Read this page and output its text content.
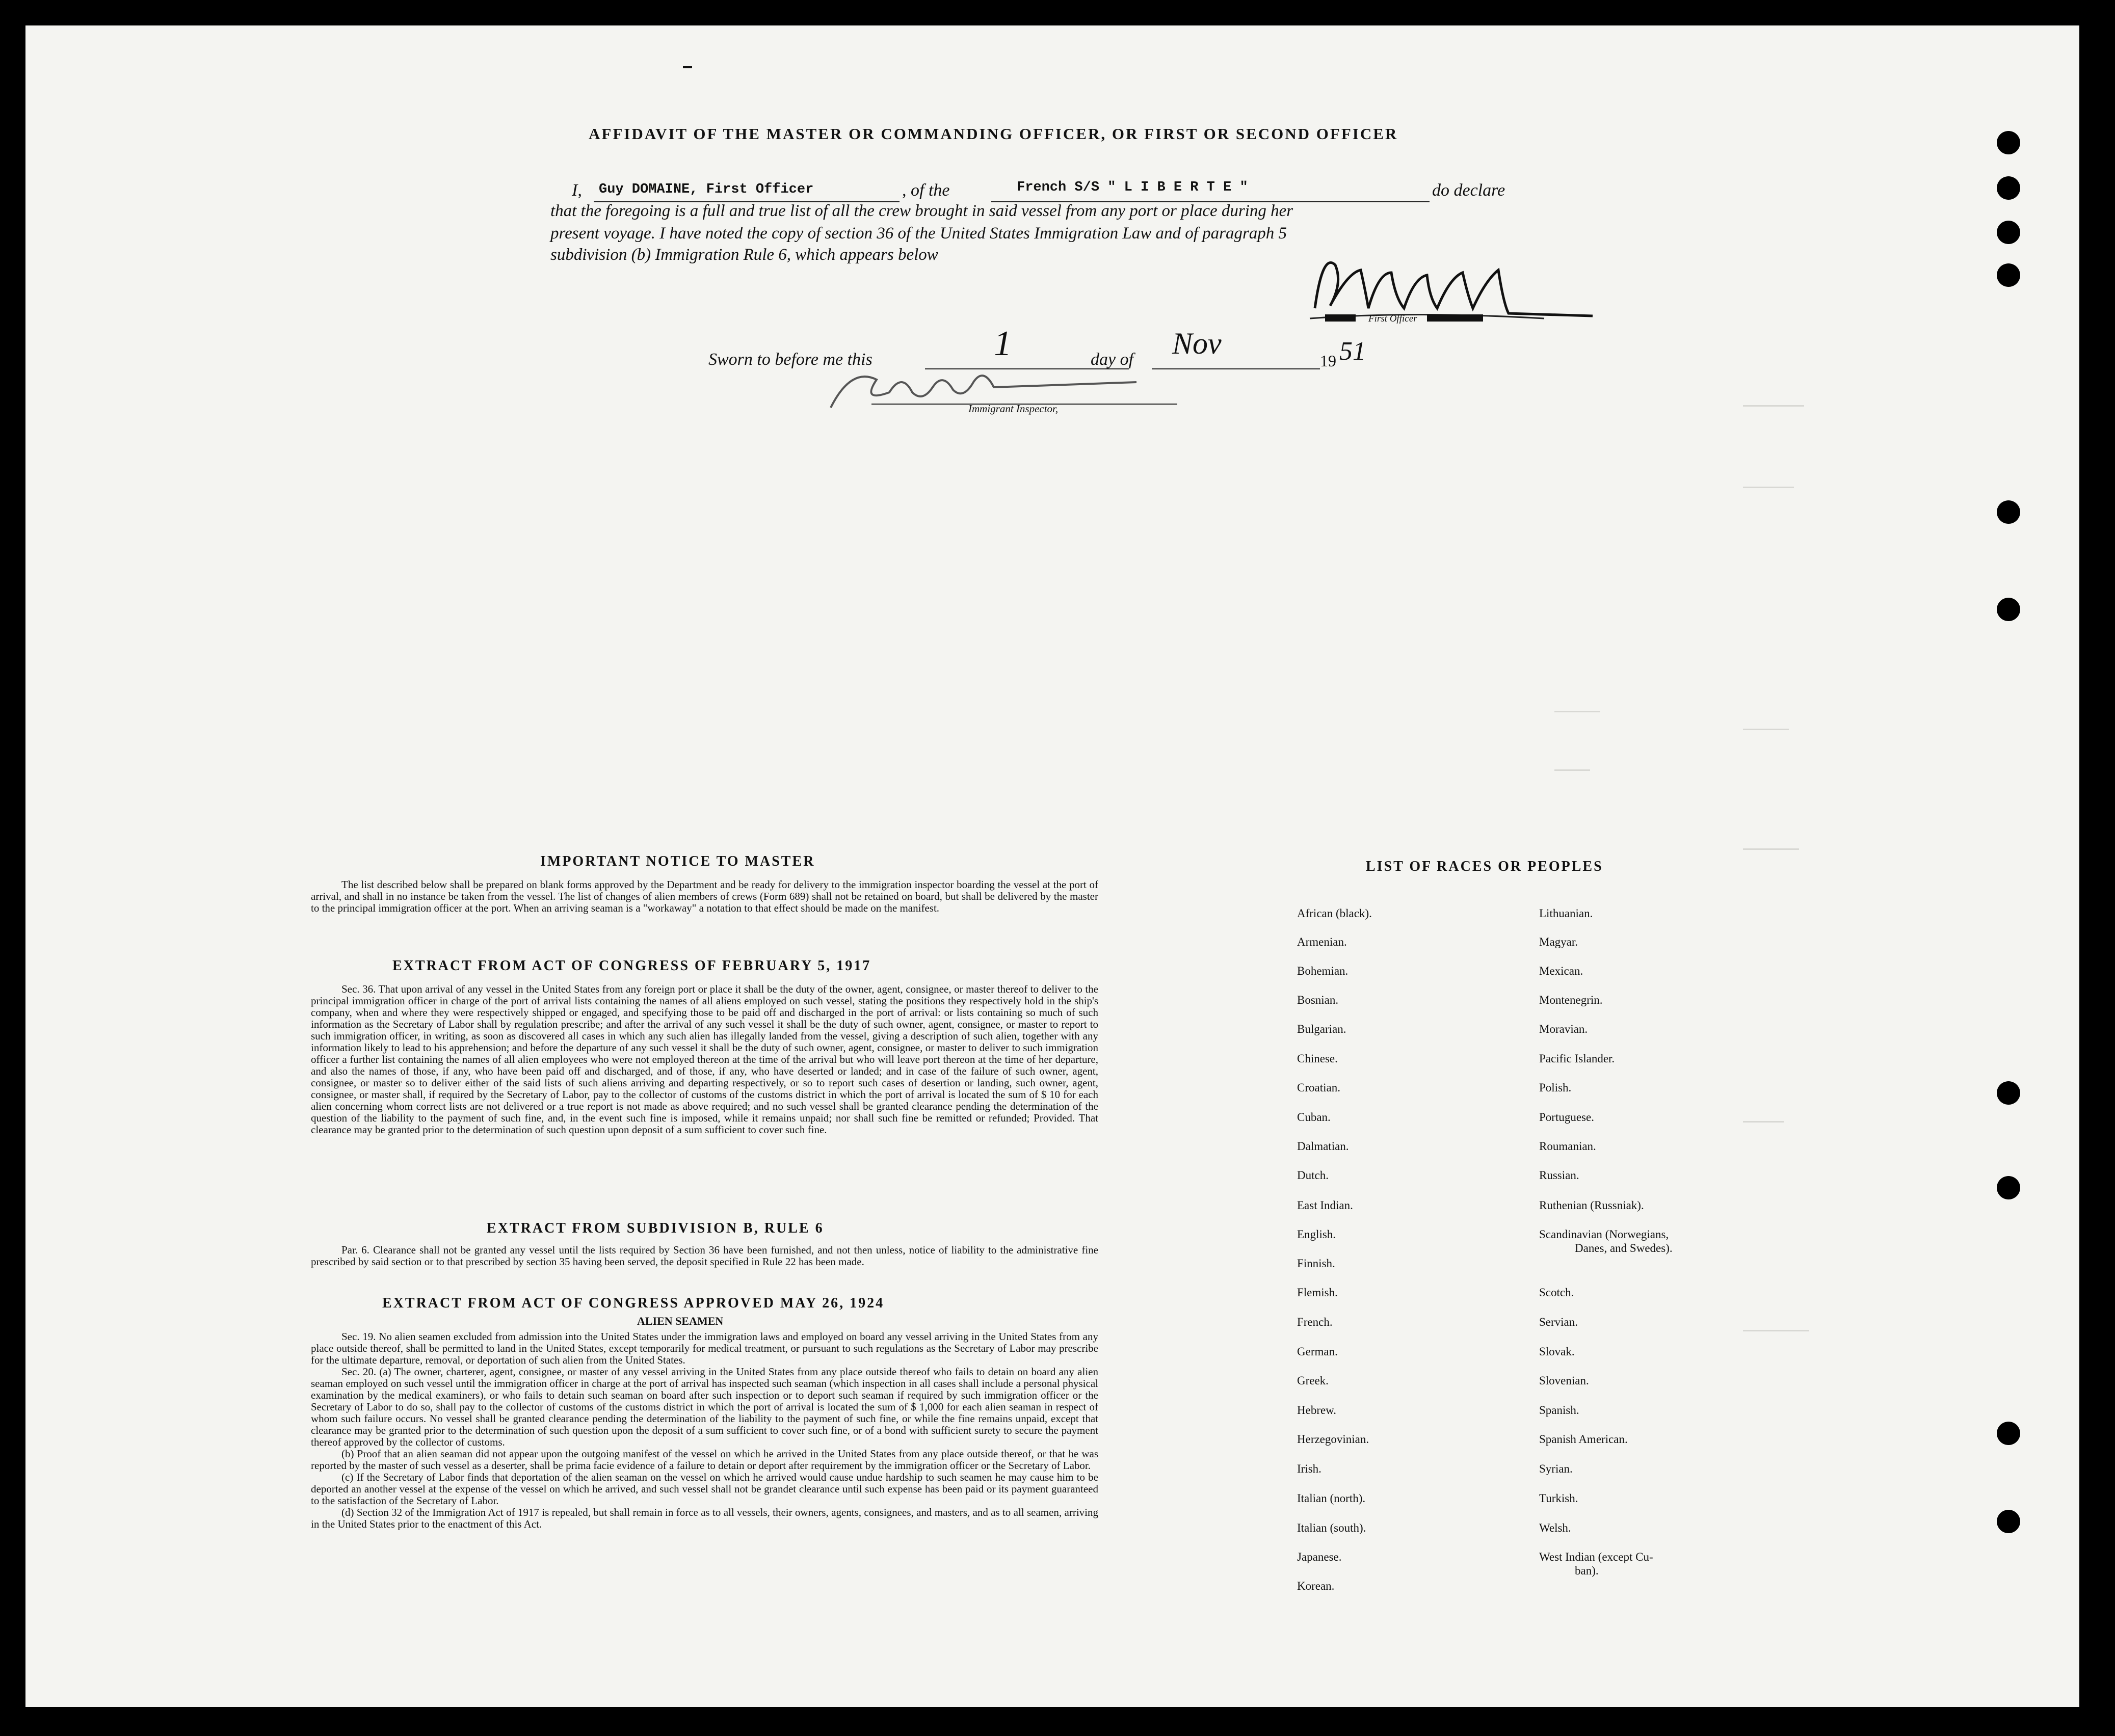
AFFIDAVIT OF THE MASTER OR COMMANDING OFFICER, OR FIRST OR SECOND OFFICER
I, Guy DOMAINE, First Officer	, of the	French S/S " L I B E R T E "	do declare
that the foregoing is a full and true list of all the crew brought in said vessel from any port or place during her
present voyage. I have noted the copy of section 36 of the United States Immigration Law and of paragraph 5
subdivision (b) Immigration Rule 6, which appears below
First Officer
Sworn to before me this	1	day of Nov
19 51
Immigrant Inspector,
IMPORTANT NOTICE TO MASTER

The list described below shall be prepared on blank forms approved by the Department and be ready for delivery to the immigration inspector boarding the vessel at the port of arrival, and shall in no instance be taken from the vessel. The list of changes of alien members of crews (Form 689) shall not be retained on board, but shall be delivered by the master to the principal immigration officer at the port. When an arriving seaman is a "workaway" a notation to that effect should be made on the manifest.

EXTRACT FROM ACT OF CONGRESS OF FEBRUARY 5, 1917

Sec. 36. That upon arrival of any vessel in the United States from any foreign port or place it shall be the duty of the owner, agent, consignee, or master thereof to deliver to the principal immigration officer in charge of the port of arrival lists containing the names of all aliens employed on such vessel, stating the positions they respectively hold in the ship's company, when and where they were respectively shipped or engaged, and specifying those to be paid off and discharged in the port of arrival: or lists containing so much of such information as the Secretary of Labor shall by regulation prescribe; and after the arrival of any such vessel it shall be the duty of such owner, agent, consignee, or master to report to such immigration officer, in writing, as soon as discovered all cases in which any such alien has illegally landed from the vessel, giving a description of such alien, together with any information likely to lead to his apprehension; and before the departure of any such vessel it shall be the duty of such owner, agent, consignee, or master to deliver to such immigration officer a further list containing the names of all alien employees who were not employed thereon at the time of the arrival but who will leave port thereon at the time of her departure, and also the names of those, if any, who have been paid off and discharged, and of those, if any, who have deserted or landed; and in case of the failure of such owner, agent, consignee, or master so to deliver either of the said lists of such aliens arriving and departing respectively, or so to report such cases of desertion or landing, such owner, agent, consignee, or master shall, if required by the Secretary of Labor, pay to the collector of customs of the customs district in which the port of arrival is located the sum of $ 10 for each alien concerning whom correct lists are not delivered or a true report is not made as above required; and no such vessel shall be granted clearance pending the determination of the question of the liability to the payment of such fine, and, in the event such fine is imposed, while it remains unpaid; nor shall such fine be remitted or refunded; Provided. That clearance may be granted prior to the determination of such question upon deposit of a sum sufficient to cover such fine.

EXTRACT FROM SUBDIVISION B, RULE 6

Par. 6. Clearance shall not be granted any vessel until the lists required by Section 36 have been furnished, and not then unless, notice of liability to the administrative fine prescribed by said section or to that prescribed by section 35 having been served, the deposit specified in Rule 22 has been made.

EXTRACT FROM ACT OF CONGRESS APPROVED MAY 26, 1924
ALIEN SEAMEN

Sec. 19. No alien seamen excluded from admission into the United States under the immigration laws and employed on board any vessel arriving in the United States from any place outside thereof, shall be permitted to land in the United States, except temporarily for medical treatment, or pursuant to such regulations as the Secretary of Labor may prescribe for the ultimate departure, removal, or deportation of such alien from the United States.

Sec. 20. (a) The owner, charterer, agent, consignee, or master of any vessel arriving in the United States from any place outside thereof who fails to detain on board any alien seaman employed on such vessel until the immigration officer in charge at the port of arrival has inspected such seaman (which inspection in all cases shall include a personal physical examination by the medical examiners), or who fails to detain such seaman on board after such inspection or to deport such seaman if required by such immigration officer or the Secretary of Labor to do so, shall pay to the collector of customs of the customs district in which the port of arrival is located the sum of $ 1,000 for each alien seaman in respect of whom such failure occurs. No vessel shall be granted clearance pending the determination of the liability to the payment of such fine, or while the fine remains unpaid, except that clearance may be granted prior to the determination of such question upon the deposit of a sum sufficient to cover such fine, or of a bond with sufficient surety to secure the payment thereof approved by the collector of customs.

(b) Proof that an alien seaman did not appear upon the outgoing manifest of the vessel on which he arrived in the United States from any place outside thereof, or that he was reported by the master of such vessel as a deserter, shall be prima facie evidence of a failure to detain or deport after requirement by the immigration officer or the Secretary of Labor.

(c) If the Secretary of Labor finds that deportation of the alien seaman on the vessel on which he arrived would cause undue hardship to such seamen he may cause him to be deported an another vessel at the expense of the vessel on which he arrived, and such vessel shall not be grandet clearance until such expense has been paid or its payment guaranteed to the satisfaction of the Secretary of Labor.

(d) Section 32 of the Immigration Act of 1917 is repealed, but shall remain in force as to all vessels, their owners, agents, consignees, and masters, and as to all seamen, arriving in the United States prior to the enactment of this Act.

LIST OF RACES OR PEOPLES
African (black).
Armenian.
Bohemian.
Bosnian.
Bulgarian.
Chinese.
Croatian.
Cuban.
Dalmatian.
Dutch.
East Indian.
English.
Finnish.
Flemish.
French.
German.
Greek.
Hebrew.
Herzegovinian.
Irish.
Italian (north).
Italian (south).
Japanese.
Korean.
Lithuanian.
Magyar.
Mexican.
Montenegrin.
Moravian.
Pacific Islander.
Polish.
Portuguese.
Roumanian.
Russian.
Ruthenian (Russniak).
Scandinavian (Norwegians,
Danes, and Swedes).
Scotch.
Servian.
Slovak.
Slovenian.
Spanish.
Spanish American.
Syrian.
Turkish.
Welsh.
West Indian (except Cu-
ban).
